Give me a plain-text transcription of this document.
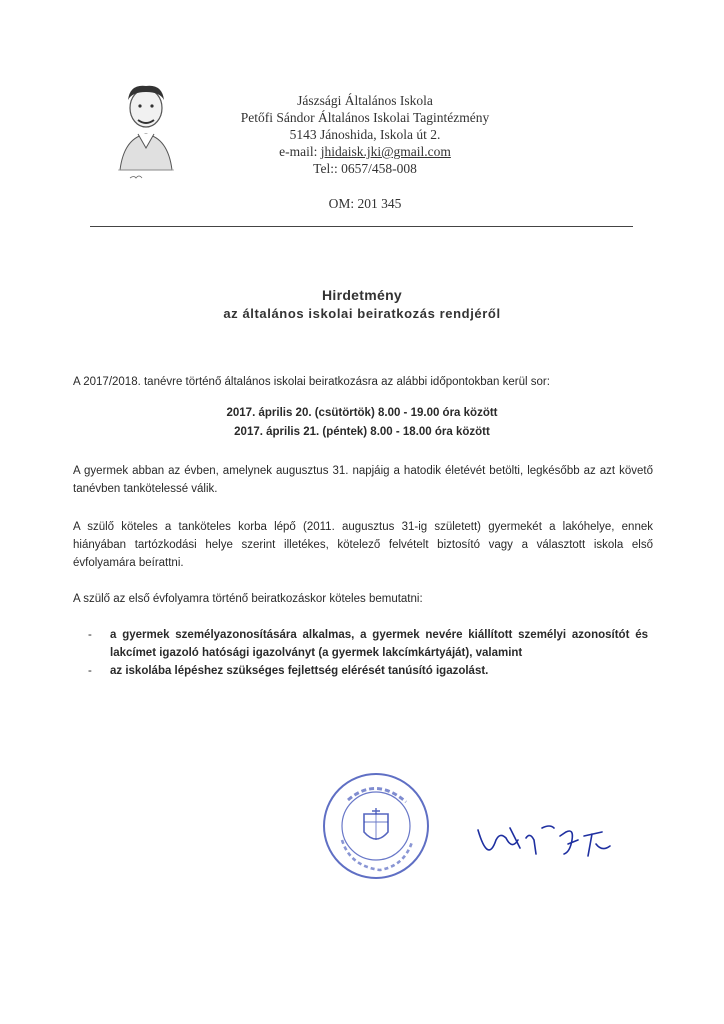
Jászsági Általános Iskola
Petőfi Sándor Általános Iskolai Tagintézmény
5143 Jánoshida, Iskola út 2.
e-mail: jhidaisk.jki@gmail.com
Tel:: 0657/458-008
OM: 201 345
Hirdetmény
az általános iskolai beiratkozás rendjéről
A 2017/2018. tanévre történő általános iskolai beiratkozásra az alábbi időpontokban kerül sor:
2017. április 20. (csütörtök) 8.00 - 19.00 óra között
2017. április 21. (péntek) 8.00 - 18.00 óra között
A gyermek abban az évben, amelynek augusztus 31. napjáig a hatodik életévét betölti, legkésőbb az azt követő tanévben tankötelessé válik.
A szülő köteles a tanköteles korba lépő (2011. augusztus 31-ig született) gyermekét a lakóhelye, ennek hiányában tartózkodási helye szerint illetékes, kötelező felvételt biztosító vagy a választott iskola első évfolyamára beírattni.
A szülő az első évfolyamra történő beiratkozáskor köteles bemutatni:
-	a gyermek személyazonosítására alkalmas, a gyermek nevére kiállított személyi azonosítót és lakcímet igazoló hatósági igazolványt (a gyermek lakcímkártyáját), valamint
-	az iskolába lépéshez szükséges fejlettség elérését tanúsító igazolást.
